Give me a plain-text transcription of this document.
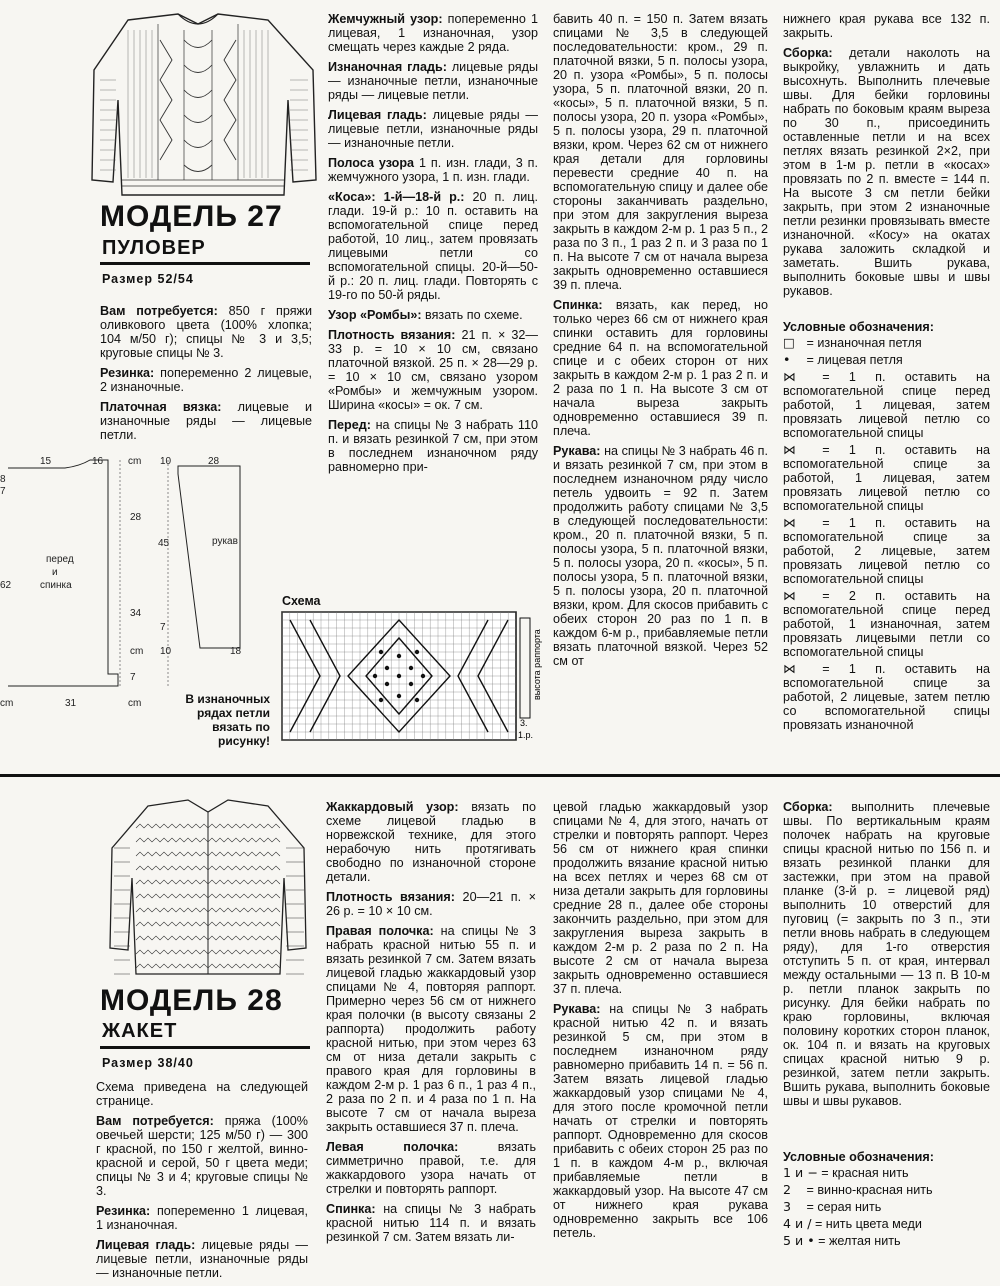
МОДЕЛЬ 27
ПУЛОВЕР
Размер 52/54

Вам потребуется: 850 г пряжи оливкового цвета (100% хлопка; 104 м/50 г); спицы № 3 и 3,5; круговые спицы № 3.

Резинка: попеременно 2 лицевые, 2 изнаночные.

Платочная вязка: лицевые и изнаночные ряды — лицевые петли.

Жемчужный узор: попеременно 1 лицевая, 1 изнаночная, узор смещать через каждые 2 ряда.

Изнаночная гладь: лицевые ряды — изнаночные петли, изнаночные ряды — лицевые петли.

Лицевая гладь: лицевые ряды — лицевые петли, изнаночные ряды — изнаночные петли.

Полоса узора 1 п. изн. глади, 3 п. жемчужного узора, 1 п. изн. глади.

«Коса»: 1-й—18-й р.: 20 п. лиц. глади. 19-й р.: 10 п. оставить на вспомогательной спице перед работой, 10 лиц., затем провязать лицевыми петли со вспомогательной спицы. 20-й—50-й р.: 20 п. лиц. глади. Повторять с 19-го по 50-й ряды.

Узор «Ромбы»: вязать по схеме.

Плотность вязания: 21 п. × 32—33 р. = 10 × 10 см, связано платочной вязкой. 25 п. × 28—29 р. = 10 × 10 см, связано узором «Ромбы» и жемчужным узором. Ширина «косы» = ок. 7 см.

Перед: на спицы № 3 набрать 110 п. и вязать резинкой 7 см, при этом в последнем изнаночном ряду равномерно при-

бавить 40 п. = 150 п. Затем вязать спицами № 3,5 в следующей последовательности: кром., 29 п. платочной вязки, 5 п. полосы узора, 20 п. узора «Ромбы», 5 п. полосы узора, 5 п. платочной вязки, 20 п. «косы», 5 п. платочной вязки, 5 п. полосы узора, 20 п. узора «Ромбы», 5 п. полосы узора, 29 п. платочной вязки, кром. Через 62 см от нижнего края детали для горловины перевести средние 40 п. на вспомогательную спицу и далее обе стороны заканчивать раздельно, при этом для закругления выреза закрыть в каждом 2-м р. 1 раз 5 п., 2 раза по 3 п., 1 раз 2 п. и 3 раза по 1 п. На высоте 7 см от начала выреза закрыть одновременно оставшиеся 39 п. плеча.

Спинка: вязать, как перед, но только через 66 см от нижнего края спинки оставить для горловины средние 64 п. на вспомогательной спице и с обеих сторон от них закрыть в каждом 2-м р. 1 раз 2 п. и 2 раза по 1 п. На высоте 3 см от начала выреза закрыть одновременно оставшиеся 39 п. плеча.

Рукава: на спицы № 3 набрать 46 п. и вязать резинкой 7 см, при этом в последнем изнаночном ряду число петель удвоить = 92 п. Затем продолжить работу спицами № 3,5 в следующей последовательности: кром., 20 п. платочной вязки, 5 п. полосы узора, 5 п. платочной вязки, 5 п. полосы узора, 20 п. «косы», 5 п. полосы узора, 5 п. платочной вязки, 5 п. полосы узора, 20 п. платочной вязки, кром. Для скосов прибавить с обеих сторон 20 раз по 1 п. в каждом 6-м р., прибавляемые петли вязать платочной вязкой. Через 52 см от

нижнего края рукава все 132 п. закрыть.

Сборка: детали наколоть на выкройку, увлажнить и дать высохнуть. Выполнить плечевые швы. Для бейки горловины набрать по боковым краям выреза по 30 п., присоединить оставленные петли и на всех петлях вязать резинкой 2×2, при этом в 1-м р. петли в «косах» провязать по 2 п. вместе = 144 п. На высоте 3 см петли бейки закрыть, при этом 2 изнаночные петли резинки провязывать вместе изнаночной. «Косу» на окатах рукава заложить складкой и заметать. Вшить рукава, выполнить боковые швы и швы рукавов.

Условные обозначения:
□ = изнаночная петля
• = лицевая петля
⋈ = 1 п. оставить на вспомогательной спице перед работой, 1 лицевая, затем провязать лицевой петлю со вспомогательной спицы
⋈ = 1 п. оставить на вспомогательной спице за работой, 1 лицевая, затем провязать лицевой петлю со вспомогательной спицы
⋈ = 1 п. оставить на вспомогательной спице за работой, 2 лицевые, затем провязать лицевой петлю со вспомогательной спицы
⋈ = 2 п. оставить на вспомогательной спице перед работой, 1 изнаночная, затем провязать лицевыми петли со вспомогательной спицы
⋈ = 1 п. оставить на вспомогательной спице за работой, 2 лицевые, затем петлю со вспомогательной спицы провязать изнаночной
15	16 cm 10	28
8
7
28
45
62
34
7
cm 10	18
7
cm	31	cm
перед
и
спинка
рукав
В изнаночных рядах петли вязать по рисунку!
Схема
высота раппорта
3.
1.р.
МОДЕЛЬ 28
ЖАКЕТ
Размер 38/40

Схема приведена на следующей странице.

Вам потребуется: пряжа (100% овечьей шерсти; 125 м/50 г) — 300 г красной, по 150 г желтой, винно-красной и серой, 50 г цвета меди; спицы № 3 и 4; круговые спицы № 3.

Резинка: попеременно 1 лицевая, 1 изнаночная.

Лицевая гладь: лицевые ряды — лицевые петли, изнаночные ряды — изнаночные петли.

Жаккардовый узор: вязать по схеме лицевой гладью в норвежской технике, для этого нерабочую нить протягивать свободно по изнаночной стороне детали.

Плотность вязания: 20—21 п. × 26 р. = 10 × 10 см.

Правая полочка: на спицы № 3 набрать красной нитью 55 п. и вязать резинкой 7 см. Затем вязать лицевой гладью жаккардовый узор спицами № 4, повторяя раппорт. Примерно через 56 см от нижнего края полочки (в высоту связаны 2 раппорта) продолжить работу красной нитью, при этом через 63 см от низа детали закрыть с правого края для горловины в каждом 2-м р. 1 раз 6 п., 1 раз 4 п., 2 раза по 2 п. и 4 раза по 1 п. На высоте 7 см от начала выреза закрыть оставшиеся 37 п. плеча.

Левая полочка: вязать симметрично правой, т.е. для жаккардового узора начать от стрелки и повторять раппорт.

Спинка: на спицы № 3 набрать красной нитью 114 п. и вязать резинкой 7 см. Затем вязать ли-

цевой гладью жаккардовый узор спицами № 4, для этого, начать от стрелки и повторять раппорт. Через 56 см от нижнего края спинки продолжить вязание красной нитью на всех петлях и через 68 см от низа детали закрыть для горловины средние 28 п., далее обе стороны закончить раздельно, при этом для закругления выреза закрыть в каждом 2-м р. 2 раза по 2 п. На высоте 2 см от начала выреза закрыть одновременно оставшиеся 37 п. плеча.

Рукава: на спицы № 3 набрать красной нитью 42 п. и вязать резинкой 5 см, при этом в последнем изнаночном ряду равномерно прибавить 14 п. = 56 п. Затем вязать лицевой гладью жаккардовый узор спицами № 4, для этого после кромочной петли начать от стрелки и повторять раппорт. Одновременно для скосов прибавить с обеих сторон 25 раз по 1 п. в каждом 4-м р., включая прибавляемые петли в жаккардовый узор. На высоте 47 см от нижнего края рукава одновременно закрыть все 106 петель.

Сборка: выполнить плечевые швы. По вертикальным краям полочек набрать на круговые спицы красной нитью по 156 п. и вязать резинкой планки для застежки, при этом на правой планке (3-й р. = лицевой ряд) выполнить 10 отверстий для пуговиц (= закрыть по 3 п., эти петли вновь набрать в следующем ряду), для 1-го отверстия отступить 5 п. от края, интервал между остальными — 13 п. В 10-м р. петли планок закрыть по рисунку. Для бейки набрать по краю горловины, включая половину коротких сторон планок, ок. 104 п. и вязать на круговых спицах красной нитью 9 р. резинкой, затем петли закрыть. Вшить рукава, выполнить боковые швы и швы рукавов.

Условные обозначения:
1 и − = красная нить
2 = винно-красная нить
3 = серая нить
4 и / = нить цвета меди
5 и • = желтая нить
